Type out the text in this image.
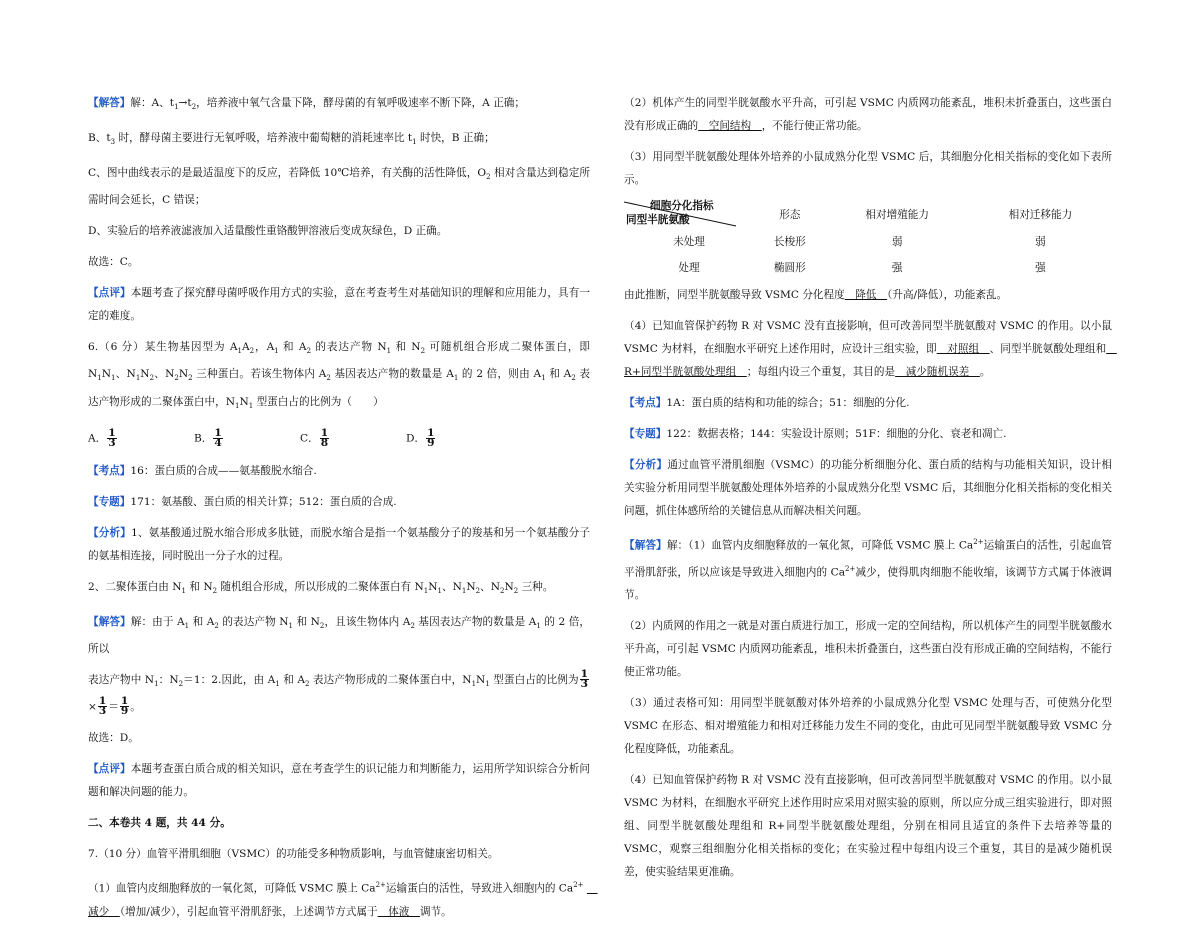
【解答】解：A、$t_1\to t_2$，培养液中氧气含量下降，酵母菌的有氧呼吸速率不断下降，A 正确；

B、$t_3$ 时，酵母菌主要进行无氧呼吸，培养液中葡萄糖的消耗速率比 $t_1$ 时快，B 正确；

C、图中曲线表示的是最适温度下的反应，若降低 10℃培养，有关酶的活性降低，$O_2$ 相对含量达到稳定所需时间会延长，C 错误；

D、实验后的培养液滤液加入适量酸性重铬酸钾溶液后变成灰绿色，D 正确。

故选：C。

【点评】本题考查了探究酵母菌呼吸作用方式的实验，意在考查考生对基础知识的理解和应用能力，具有一定的难度。

6.（6 分）某生物基因型为 $A_1A_2$，$A_1$ 和 $A_2$ 的表达产物 $N_1$ 和 $N_2$ 可随机组合形成二聚体蛋白，即 $N_1N_1$、$N_1N_2$、$N_2N_2$ 三种蛋白。若该生物体内 $A_2$ 基因表达产物的数量是 $A_1$ 的 2 倍，则由 $A_1$ 和 $A_2$ 表达产物形成的二聚体蛋白中，$N_1N_1$ 型蛋白占的比例为（　　）

A． $\frac{1}{3}$	B． $\frac{1}{4}$	C． $\frac{1}{8}$	D． $\frac{1}{9}$

【考点】16：蛋白质的合成——氨基酸脱水缩合.

【专题】171：氨基酸、蛋白质的相关计算；512：蛋白质的合成.

【分析】1、氨基酸通过脱水缩合形成多肽链，而脱水缩合是指一个氨基酸分子的羧基和另一个氨基酸分子的氨基相连接，同时脱出一分子水的过程。

2、二聚体蛋白由 $N_1$ 和 $N_2$ 随机组合形成，所以形成的二聚体蛋白有 $N_1N_1$、$N_1N_2$、$N_2N_2$ 三种。

【解答】解：由于 $A_1$ 和 $A_2$ 的表达产物 $N_1$ 和 $N_2$，且该生物体内 $A_2$ 基因表达产物的数量是 $A_1$ 的 2 倍，所以

表达产物中 $N_1$：$N_2=1$：2.因此，由 $A_1$ 和 $A_2$ 表达产物形成的二聚体蛋白中，$N_1N_1$ 型蛋白占的比例为 $\frac{1}{3}$
× $\frac{1}{3} = \frac{1}{9}$ 。

故选：D。

【点评】本题考查蛋白质合成的相关知识，意在考查学生的识记能力和判断能力，运用所学知识综合分析问题和解决问题的能力。

二、本卷共 4 题，共 44 分。

7.（10 分）血管平滑肌细胞（VSMC）的功能受多种物质影响，与血管健康密切相关。

（1）血管内皮细胞释放的一氧化氮，可降低 VSMC 膜上 $Ca^{2+}$运输蛋白的活性，导致进入细胞内的 $Ca^{2+}$ 　减少　（增加/减少），引起血管平滑肌舒张，上述调节方式属于　体液　调节。

（2）机体产生的同型半胱氨酸水平升高，可引起 VSMC 内质网功能紊乱，堆积未折叠蛋白，这些蛋白没有形成正确的　空间结构　，不能行使正常功能。

（3）用同型半胱氨酸处理体外培养的小鼠成熟分化型 VSMC 后，其细胞分化相关指标的变化如下表所示。

细胞分化指标
同型半胱氨酸	形态	相对增殖能力	相对迁移能力
未处理	长梭形	弱	弱
处理	椭圆形	强	强

由此推断，同型半胱氨酸导致 VSMC 分化程度　降低　（升高/降低），功能紊乱。

（4）已知血管保护药物 R 对 VSMC 没有直接影响，但可改善同型半胱氨酸对 VSMC 的作用。以小鼠 VSMC 为材料，在细胞水平研究上述作用时，应设计三组实验，即　对照组　、同型半胱氨酸处理组和　R+同型半胱氨酸处理组　；每组内设三个重复，其目的是　减少随机误差　。

【考点】1A：蛋白质的结构和功能的综合；51：细胞的分化.

【专题】122：数据表格；144：实验设计原则；51F：细胞的分化、衰老和凋亡.

【分析】通过血管平滑肌细胞（VSMC）的功能分析细胞分化、蛋白质的结构与功能相关知识，设计相关实验分析用同型半胱氨酸处理体外培养的小鼠成熟分化型 VSMC 后，其细胞分化相关指标的变化相关问题，抓住体感所给的关键信息从而解决相关问题。

【解答】解：（1）血管内皮细胞释放的一氧化氮，可降低 VSMC 膜上 $Ca^{2+}$运输蛋白的活性，引起血管平滑肌舒张，所以应该是导致进入细胞内的 $Ca^{2+}$减少，使得肌肉细胞不能收缩，该调节方式属于体液调节。

（2）内质网的作用之一就是对蛋白质进行加工，形成一定的空间结构，所以机体产生的同型半胱氨酸水平升高，可引起 VSMC 内质网功能紊乱，堆积未折叠蛋白，这些蛋白没有形成正确的空间结构，不能行使正常功能。

（3）通过表格可知：用同型半胱氨酸对体外培养的小鼠成熟分化型 VSMC 处理与否，可使熟分化型 VSMC 在形态、相对增殖能力和相对迁移能力发生不同的变化，由此可见同型半胱氨酸导致 VSMC 分化程度降低，功能紊乱。

（4）已知血管保护药物 R 对 VSMC 没有直接影响，但可改善同型半胱氨酸对 VSMC 的作用。以小鼠 VSMC 为材料，在细胞水平研究上述作用时应采用对照实验的原则，所以应分成三组实验进行，即对照组、同型半胱氨酸处理组和 R+同型半胱氨酸处理组，分别在相同且适宜的条件下去培养等量的 VSMC，观察三组细胞分化相关指标的变化；在实验过程中每组内设三个重复，其目的是减少随机误差，使实验结果更准确。
